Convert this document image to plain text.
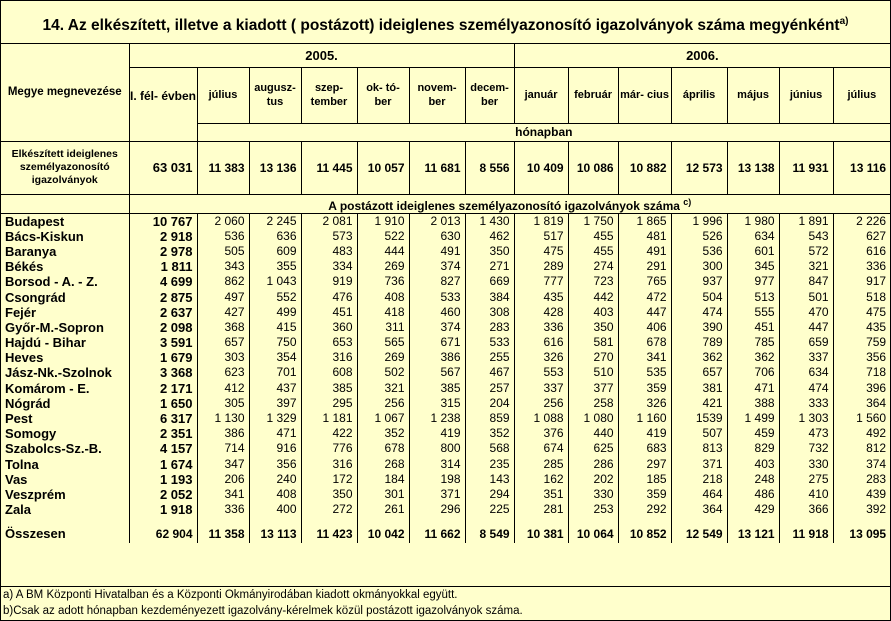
14. Az elkészített, illetve a kiadott ( postázott) ideiglenes személyazonosító igazolványok száma megyénként$^{a)}$
Megye megnevezése	2005.							2006.						
	I. fél- évben	július	augusz- tus	szep- tember	ok- tó- ber	novem- ber	decem- ber	január	február	már- cius	április	május	június	július
		hónapban												
Elkészített ideiglenes személyazonosító igazolványok	63 031	11 383	13 136	11 445	10 057	11 681	8 556	10 409	10 086	10 882	12 573	13 138	11 931	13 116
	A postázott ideiglenes személyazonosító igazolványok száma $^{c)}$
Budapest	10 767	2 060	2 245	2 081	1 910	2 013	1 430	1 819	1 750	1 865	1 996	1 980	1 891	2 226
Bács-Kiskun	2 918	536	636	573	522	630	462	517	455	481	526	634	543	627
Baranya	2 978	505	609	483	444	491	350	475	455	491	536	601	572	616
Békés	1 811	343	355	334	269	374	271	289	274	291	300	345	321	336
Borsod - A. - Z.	4 699	862	1 043	919	736	827	669	777	723	765	937	977	847	917
Csongrád	2 875	497	552	476	408	533	384	435	442	472	504	513	501	518
Fejér	2 637	427	499	451	418	460	308	428	403	447	474	555	470	475
Győr-M.-Sopron	2 098	368	415	360	311	374	283	336	350	406	390	451	447	435
Hajdú - Bihar	3 591	657	750	653	565	671	533	616	581	678	789	785	659	759
Heves	1 679	303	354	316	269	386	255	326	270	341	362	362	337	356
Jász-Nk.-Szolnok	3 368	623	701	608	502	567	467	553	510	535	657	706	634	718
Komárom - E.	2 171	412	437	385	321	385	257	337	377	359	381	471	474	396
Nógrád	1 650	305	397	295	256	315	204	256	258	326	421	388	333	364
Pest	6 317	1 130	1 329	1 181	1 067	1 238	859	1 088	1 080	1 160	1539	1 499	1 303	1 560
Somogy	2 351	386	471	422	352	419	352	376	440	419	507	459	473	492
Szabolcs-Sz.-B.	4 157	714	916	776	678	800	568	674	625	683	813	829	732	812
Tolna	1 674	347	356	316	268	314	235	285	286	297	371	403	330	374
Vas	1 193	206	240	172	184	198	143	162	202	185	218	248	275	283
Veszprém	2 052	341	408	350	301	371	294	351	330	359	464	486	410	439
Zala	1 918	336	400	272	261	296	225	281	253	292	364	429	366	392
Összesen	62 904	11 358	13 113	11 423	10 042	11 662	8 549	10 381	10 064	10 852	12 549	13 121	11 918	13 095
a) A BM Központi Hivatalban és a Központi Okmányirodában kiadott okmányokkal együtt.
b)Csak az adott hónapban kezdeményezett igazolvány-kérelmek közül postázott igazolványok száma.
